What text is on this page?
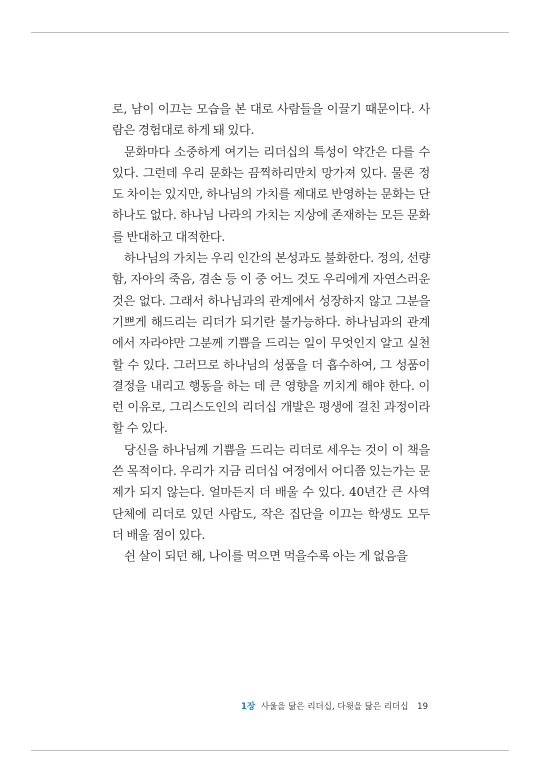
로, 남이 이끄는 모습을 본 대로 사람들을 이끌기 때문이다. 사람은 경험대로 하게 돼 있다.

문화마다 소중하게 여기는 리더십의 특성이 약간은 다를 수 있다. 그런데 우리 문화는 끔찍하리만치 망가져 있다. 물론 정도 차이는 있지만, 하나님의 가치를 제대로 반영하는 문화는 단 하나도 없다. 하나님 나라의 가치는 지상에 존재하는 모든 문화를 반대하고 대적한다.

하나님의 가치는 우리 인간의 본성과도 불화한다. 정의, 선량함, 자아의 죽음, 겸손 등 이 중 어느 것도 우리에게 자연스러운 것은 없다. 그래서 하나님과의 관계에서 성장하지 않고 그분을 기쁘게 해드리는 리더가 되기란 불가능하다. 하나님과의 관계에서 자라야만 그분께 기쁨을 드리는 일이 무엇인지 알고 실천할 수 있다. 그러므로 하나님의 성품을 더 흡수하여, 그 성품이 결정을 내리고 행동을 하는 데 큰 영향을 끼치게 해야 한다. 이런 이유로, 그리스도인의 리더십 개발은 평생에 걸친 과정이라 할 수 있다.

당신을 하나님께 기쁨을 드리는 리더로 세우는 것이 이 책을 쓴 목적이다. 우리가 지금 리더십 여정에서 어디쯤 있는가는 문제가 되지 않는다. 얼마든지 더 배울 수 있다. 40년간 큰 사역 단체에 리더로 있던 사람도, 작은 집단을 이끄는 학생도 모두 더 배울 점이 있다.

쉰 살이 되던 해, 나이를 먹으면 먹을수록 아는 게 없음을

1장 사울을 닮은 리더십, 다윗을 닮은 리더십 19
